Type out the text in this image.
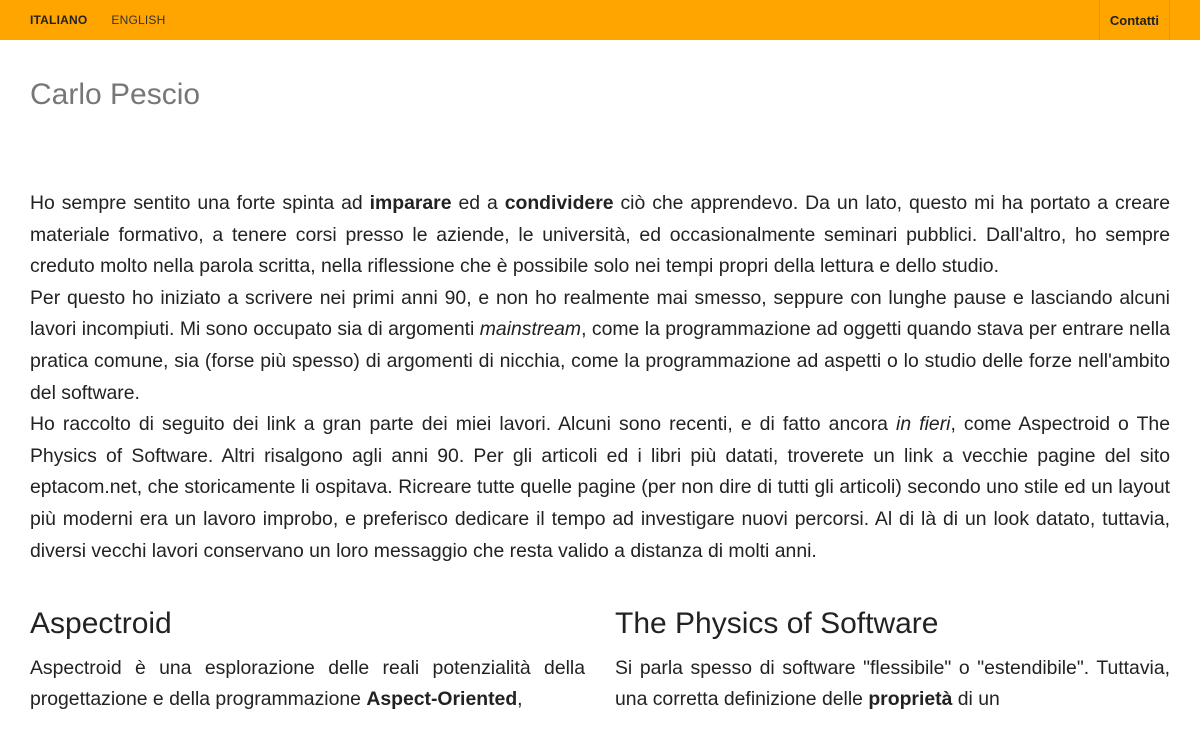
ITALIANO ENGLISH	Contatti
Carlo Pescio

Ho sempre sentito una forte spinta ad imparare ed a condividere ciò che apprendevo. Da un lato, questo mi ha portato a creare materiale formativo, a tenere corsi presso le aziende, le università, ed occasionalmente seminari pubblici. Dall'altro, ho sempre creduto molto nella parola scritta, nella riflessione che è possibile solo nei tempi propri della lettura e dello studio.

Per questo ho iniziato a scrivere nei primi anni 90, e non ho realmente mai smesso, seppure con lunghe pause e lasciando alcuni lavori incompiuti. Mi sono occupato sia di argomenti mainstream, come la programmazione ad oggetti quando stava per entrare nella pratica comune, sia (forse più spesso) di argomenti di nicchia, come la programmazione ad aspetti o lo studio delle forze nell'ambito del software.

Ho raccolto di seguito dei link a gran parte dei miei lavori. Alcuni sono recenti, e di fatto ancora in fieri, come Aspectroid o The Physics of Software. Altri risalgono agli anni 90. Per gli articoli ed i libri più datati, troverete un link a vecchie pagine del sito eptacom.net, che storicamente li ospitava. Ricreare tutte quelle pagine (per non dire di tutti gli articoli) secondo uno stile ed un layout più moderni era un lavoro improbo, e preferisco dedicare il tempo ad investigare nuovi percorsi. Al di là di un look datato, tuttavia, diversi vecchi lavori conservano un loro messaggio che resta valido a distanza di molti anni.

Aspectroid

Aspectroid è una esplorazione delle reali potenzialità della progettazione e della programmazione Aspect-Oriented,

The Physics of Software

Si parla spesso di software "flessibile" o "estendibile". Tuttavia, una corretta definizione delle proprietà di un
